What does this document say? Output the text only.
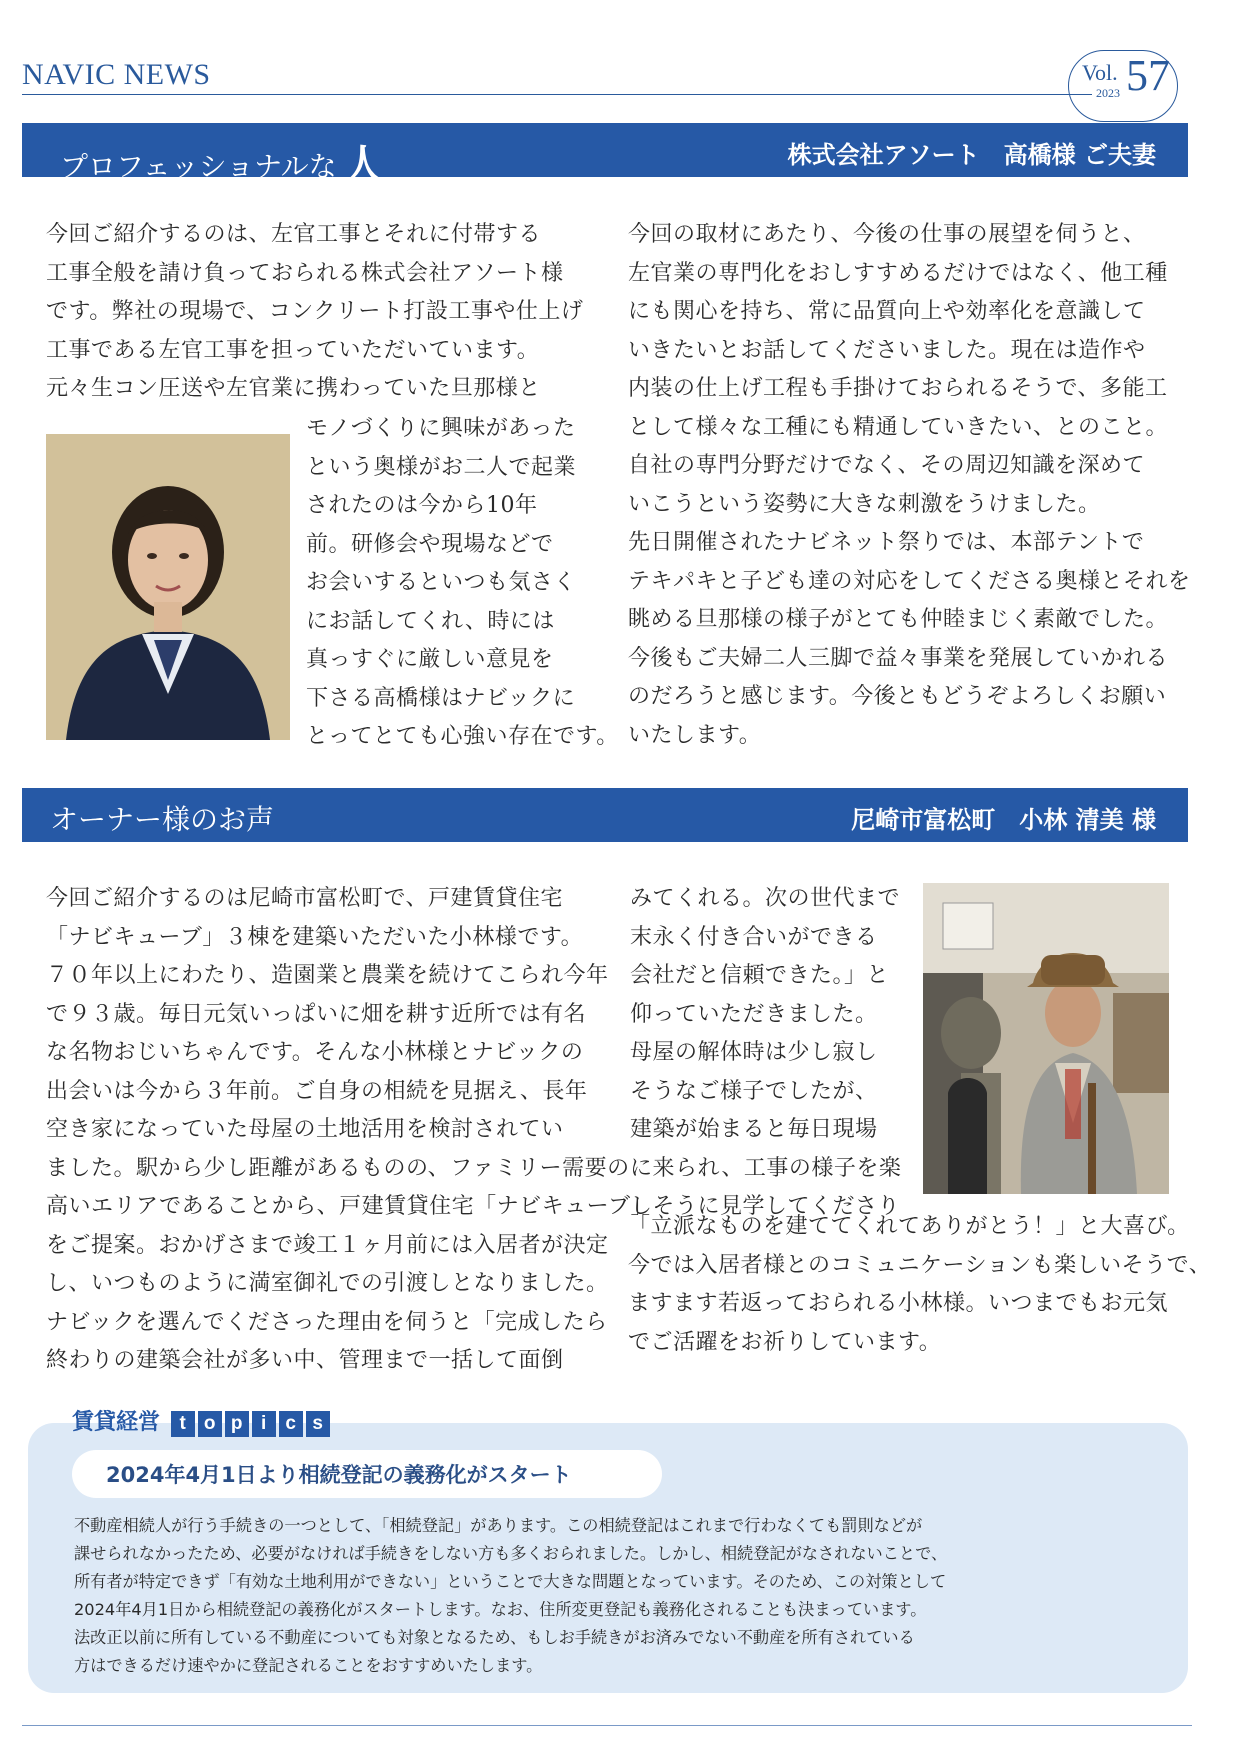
NAVIC NEWS	Vol.
2023 57
プロフェッショナルな 人	株式会社アソート　高橋様 ご夫妻
今回ご紹介するのは、左官工事とそれに付帯する
工事全般を請け負っておられる株式会社アソート様
です。弊社の現場で、コンクリート打設工事や仕上げ
工事である左官工事を担っていただいています。
元々生コン圧送や左官業に携わっていた旦那様と
モノづくりに興味があった
という奥様がお二人で起業
されたのは今から10年
前。研修会や現場などで
お会いするといつも気さく
にお話してくれ、時には
真っすぐに厳しい意見を
下さる高橋様はナビックに
とってとても心強い存在です。
今回の取材にあたり、今後の仕事の展望を伺うと、
左官業の専門化をおしすすめるだけではなく、他工種
にも関心を持ち、常に品質向上や効率化を意識して
いきたいとお話してくださいました。現在は造作や
内装の仕上げ工程も手掛けておられるそうで、多能工
として様々な工種にも精通していきたい、とのこと。
自社の専門分野だけでなく、その周辺知識を深めて
いこうという姿勢に大きな刺激をうけました。
先日開催されたナビネット祭りでは、本部テントで
テキパキと子ども達の対応をしてくださる奥様とそれを
眺める旦那様の様子がとても仲睦まじく素敵でした。
今後もご夫婦二人三脚で益々事業を発展していかれる
のだろうと感じます。今後ともどうぞよろしくお願い
いたします。
オーナー様のお声	尼崎市富松町　小林 清美 様
今回ご紹介するのは尼崎市富松町で、戸建賃貸住宅
「ナビキューブ」３棟を建築いただいた小林様です。
７０年以上にわたり、造園業と農業を続けてこられ今年
で９３歳。毎日元気いっぱいに畑を耕す近所では有名
な名物おじいちゃんです。そんな小林様とナビックの
出会いは今から３年前。ご自身の相続を見据え、長年
空き家になっていた母屋の土地活用を検討されてい
ました。駅から少し距離があるものの、ファミリー需要の
高いエリアであることから、戸建賃貸住宅「ナビキューブ」
をご提案。おかげさまで竣工１ヶ月前には入居者が決定
し、いつものように満室御礼での引渡しとなりました。
ナビックを選んでくださった理由を伺うと「完成したら
終わりの建築会社が多い中、管理まで一括して面倒
みてくれる。次の世代まで
末永く付き合いができる
会社だと信頼できた。」と
仰っていただきました。
母屋の解体時は少し寂し
そうなご様子でしたが、
建築が始まると毎日現場
に来られ、工事の様子を楽
しそうに見学してくださり
「立派なものを建ててくれてありがとう！」と大喜び。
今では入居者様とのコミュニケーションも楽しいそうで、
ますます若返っておられる小林様。いつまでもお元気
でご活躍をお祈りしています。
賃貸経営 t o p i c s
2024年4月1日より相続登記の義務化がスタート
不動産相続人が行う手続きの一つとして、「相続登記」があります。この相続登記はこれまで行わなくても罰則などが
課せられなかったため、必要がなければ手続きをしない方も多くおられました。しかし、相続登記がなされないことで、
所有者が特定できず「有効な土地利用ができない」ということで大きな問題となっています。そのため、この対策として
2024年4月1日から相続登記の義務化がスタートします。なお、住所変更登記も義務化されることも決まっています。
法改正以前に所有している不動産についても対象となるため、もしお手続きがお済みでない不動産を所有されている
方はできるだけ速やかに登記されることをおすすめいたします。
